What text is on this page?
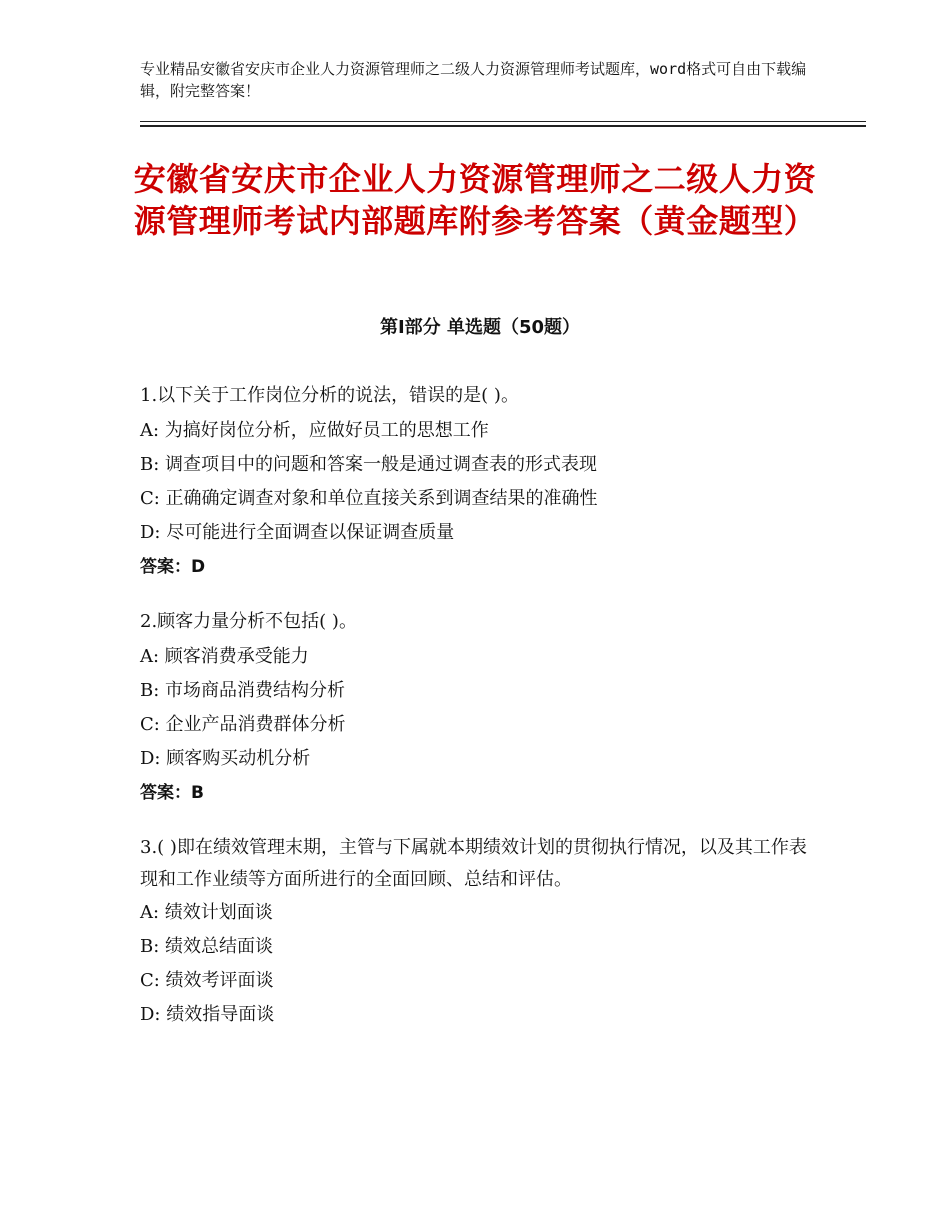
专业精品安徽省安庆市企业人力资源管理师之二级人力资源管理师考试题库，word格式可自由下载编辑，附完整答案！
安徽省安庆市企业人力资源管理师之二级人力资源管理师考试内部题库附参考答案（黄金题型）
第Ⅰ部分 单选题（50题）
1.以下关于工作岗位分析的说法，错误的是( )。
A: 为搞好岗位分析，应做好员工的思想工作
B: 调查项目中的问题和答案一般是通过调查表的形式表现
C: 正确确定调查对象和单位直接关系到调查结果的准确性
D: 尽可能进行全面调查以保证调查质量
答案：D
2.顾客力量分析不包括( )。
A: 顾客消费承受能力
B: 市场商品消费结构分析
C: 企业产品消费群体分析
D: 顾客购买动机分析
答案：B
3.( )即在绩效管理末期，主管与下属就本期绩效计划的贯彻执行情况，以及其工作表现和工作业绩等方面所进行的全面回顾、总结和评估。
A: 绩效计划面谈
B: 绩效总结面谈
C: 绩效考评面谈
D: 绩效指导面谈
